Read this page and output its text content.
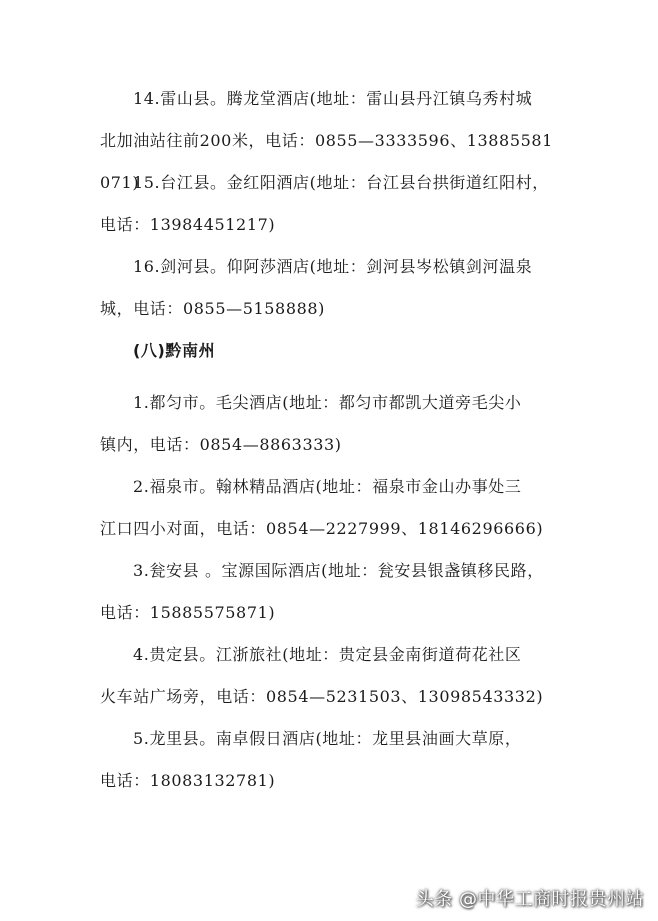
14.雷山县。腾龙堂酒店(地址：雷山县丹江镇乌秀村城
北加油站往前200米，电话：0855—3333596、13885581071)
15.台江县。金红阳酒店(地址：台江县台拱街道红阳村，
电话：13984451217)
16.剑河县。仰阿莎酒店(地址：剑河县岑松镇剑河温泉
城，电话：0855—5158888)
(八)黔南州
1.都匀市。毛尖酒店(地址：都匀市都凯大道旁毛尖小
镇内，电话：0854—8863333)
2.福泉市。翰林精品酒店(地址：福泉市金山办事处三
江口四小对面，电话：0854—2227999、18146296666)
3.瓮安县 。宝源国际酒店(地址：瓮安县银盏镇移民路，
电话：15885575871)
4.贵定县。江浙旅社(地址：贵定县金南街道荷花社区
火车站广场旁，电话：0854—5231503、13098543332)
5.龙里县。南卓假日酒店(地址：龙里县油画大草原，
电话：18083132781)
头条 @中华工商时报贵州站
